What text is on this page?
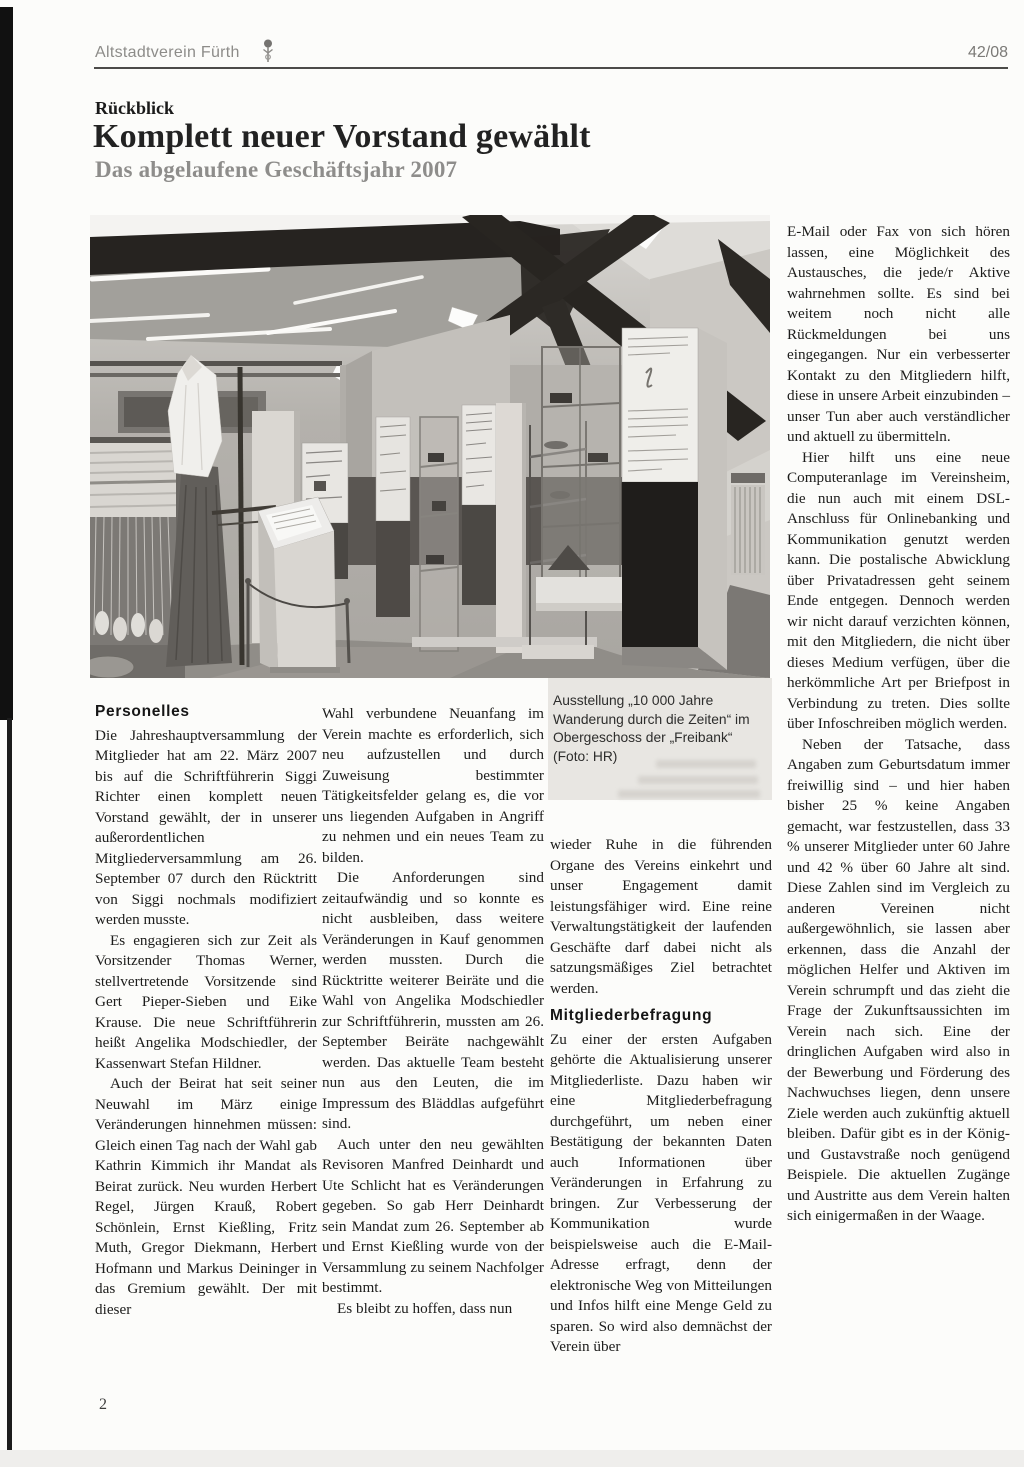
Altstadtverein Fürth	42/08
Rückblick
Komplett neuer Vorstand gewählt
Das abgelaufene Geschäftsjahr 2007
Ausstellung „10 000 Jahre Wanderung durch die Zeiten“ im Obergeschoss der „Freibank“ (Foto: HR)
Personelles

Die Jahreshauptversammlung der Mitglieder hat am 22. März 2007 bis auf die Schriftführerin Siggi Richter einen komplett neuen Vorstand gewählt, der in unserer außerordentlichen Mitgliederversammlung am 26. September 07 durch den Rücktritt von Siggi nochmals modifiziert werden musste.

Es engagieren sich zur Zeit als Vorsitzender Thomas Werner, stellvertretende Vorsitzende sind Gert Pieper-Sieben und Eike Krause. Die neue Schriftführerin heißt Angelika Modschiedler, der Kassenwart Stefan Hildner.

Auch der Beirat hat seit seiner Neuwahl im März einige Veränderungen hinnehmen müssen: Gleich einen Tag nach der Wahl gab Kathrin Kimmich ihr Mandat als Beirat zurück. Neu wurden Herbert Regel, Jürgen Krauß, Robert Schönlein, Ernst Kießling, Fritz Muth, Gregor Diekmann, Herbert Hofmann und Markus Deininger in das Gremium gewählt. Der mit dieser

Wahl verbundene Neuanfang im Verein machte es erforderlich, sich neu aufzustellen und durch Zuweisung bestimmter Tätigkeitsfelder gelang es, die vor uns liegenden Aufgaben in Angriff zu nehmen und ein neues Team zu bilden.

Die Anforderungen sind zeitaufwändig und so konnte es nicht ausbleiben, dass weitere Veränderungen in Kauf genommen werden mussten. Durch die Rücktritte weiterer Beiräte und die Wahl von Angelika Modschiedler zur Schriftführerin, mussten am 26. September Beiräte nachgewählt werden. Das aktuelle Team besteht nun aus den Leuten, die im Impressum des Bläddlas aufgeführt sind.

Auch unter den neu gewählten Revisoren Manfred Deinhardt und Ute Schlicht hat es Veränderungen gegeben. So gab Herr Deinhardt sein Mandat zum 26. September ab und Ernst Kießling wurde von der Versammlung zu seinem Nachfolger bestimmt.

Es bleibt zu hoffen, dass nun

wieder Ruhe in die führenden Organe des Vereins einkehrt und unser Engagement damit leistungsfähiger wird. Eine reine Verwaltungstätigkeit der laufenden Geschäfte darf dabei nicht als satzungsmäßiges Ziel betrachtet werden.

Mitgliederbefragung

Zu einer der ersten Aufgaben gehörte die Aktualisierung unserer Mitgliederliste. Dazu haben wir eine Mitgliederbefragung durchgeführt, um neben einer Bestätigung der bekannten Daten auch Informationen über Veränderungen in Erfahrung zu bringen. Zur Verbesserung der Kommunikation wurde beispielsweise auch die E-Mail-Adresse erfragt, denn der elektronische Weg von Mitteilungen und Infos hilft eine Menge Geld zu sparen. So wird also demnächst der Verein über

E-Mail oder Fax von sich hören lassen, eine Möglichkeit des Austausches, die jede/r Aktive wahrnehmen sollte. Es sind bei weitem noch nicht alle Rückmeldungen bei uns eingegangen. Nur ein verbesserter Kontakt zu den Mitgliedern hilft, diese in unsere Arbeit einzubinden – unser Tun aber auch verständlicher und aktuell zu übermitteln.

Hier hilft uns eine neue Computeranlage im Vereinsheim, die nun auch mit einem DSL-Anschluss für Onlinebanking und Kommunikation genutzt werden kann. Die postalische Abwicklung über Privatadressen geht seinem Ende entgegen. Dennoch werden wir nicht darauf verzichten können, mit den Mitgliedern, die nicht über dieses Medium verfügen, über die herkömmliche Art per Briefpost in Verbindung zu treten. Dies sollte über Infoschreiben möglich werden.

Neben der Tatsache, dass Angaben zum Geburtsdatum immer freiwillig sind – und hier haben bisher 25 % keine Angaben gemacht, war festzustellen, dass 33 % unserer Mitglieder unter 60 Jahre und 42 % über 60 Jahre alt sind. Diese Zahlen sind im Vergleich zu anderen Vereinen nicht außergewöhnlich, sie lassen aber erkennen, dass die Anzahl der möglichen Helfer und Aktiven im Verein schrumpft und das zieht die Frage der Zukunftsaussichten im Verein nach sich. Eine der dringlichen Aufgaben wird also in der Bewerbung und Förderung des Nachwuchses liegen, denn unsere Ziele werden auch zukünftig aktuell bleiben. Dafür gibt es in der König- und Gustavstraße noch genügend Beispiele. Die aktuellen Zugänge und Austritte aus dem Verein halten sich einigermaßen in der Waage.

2
